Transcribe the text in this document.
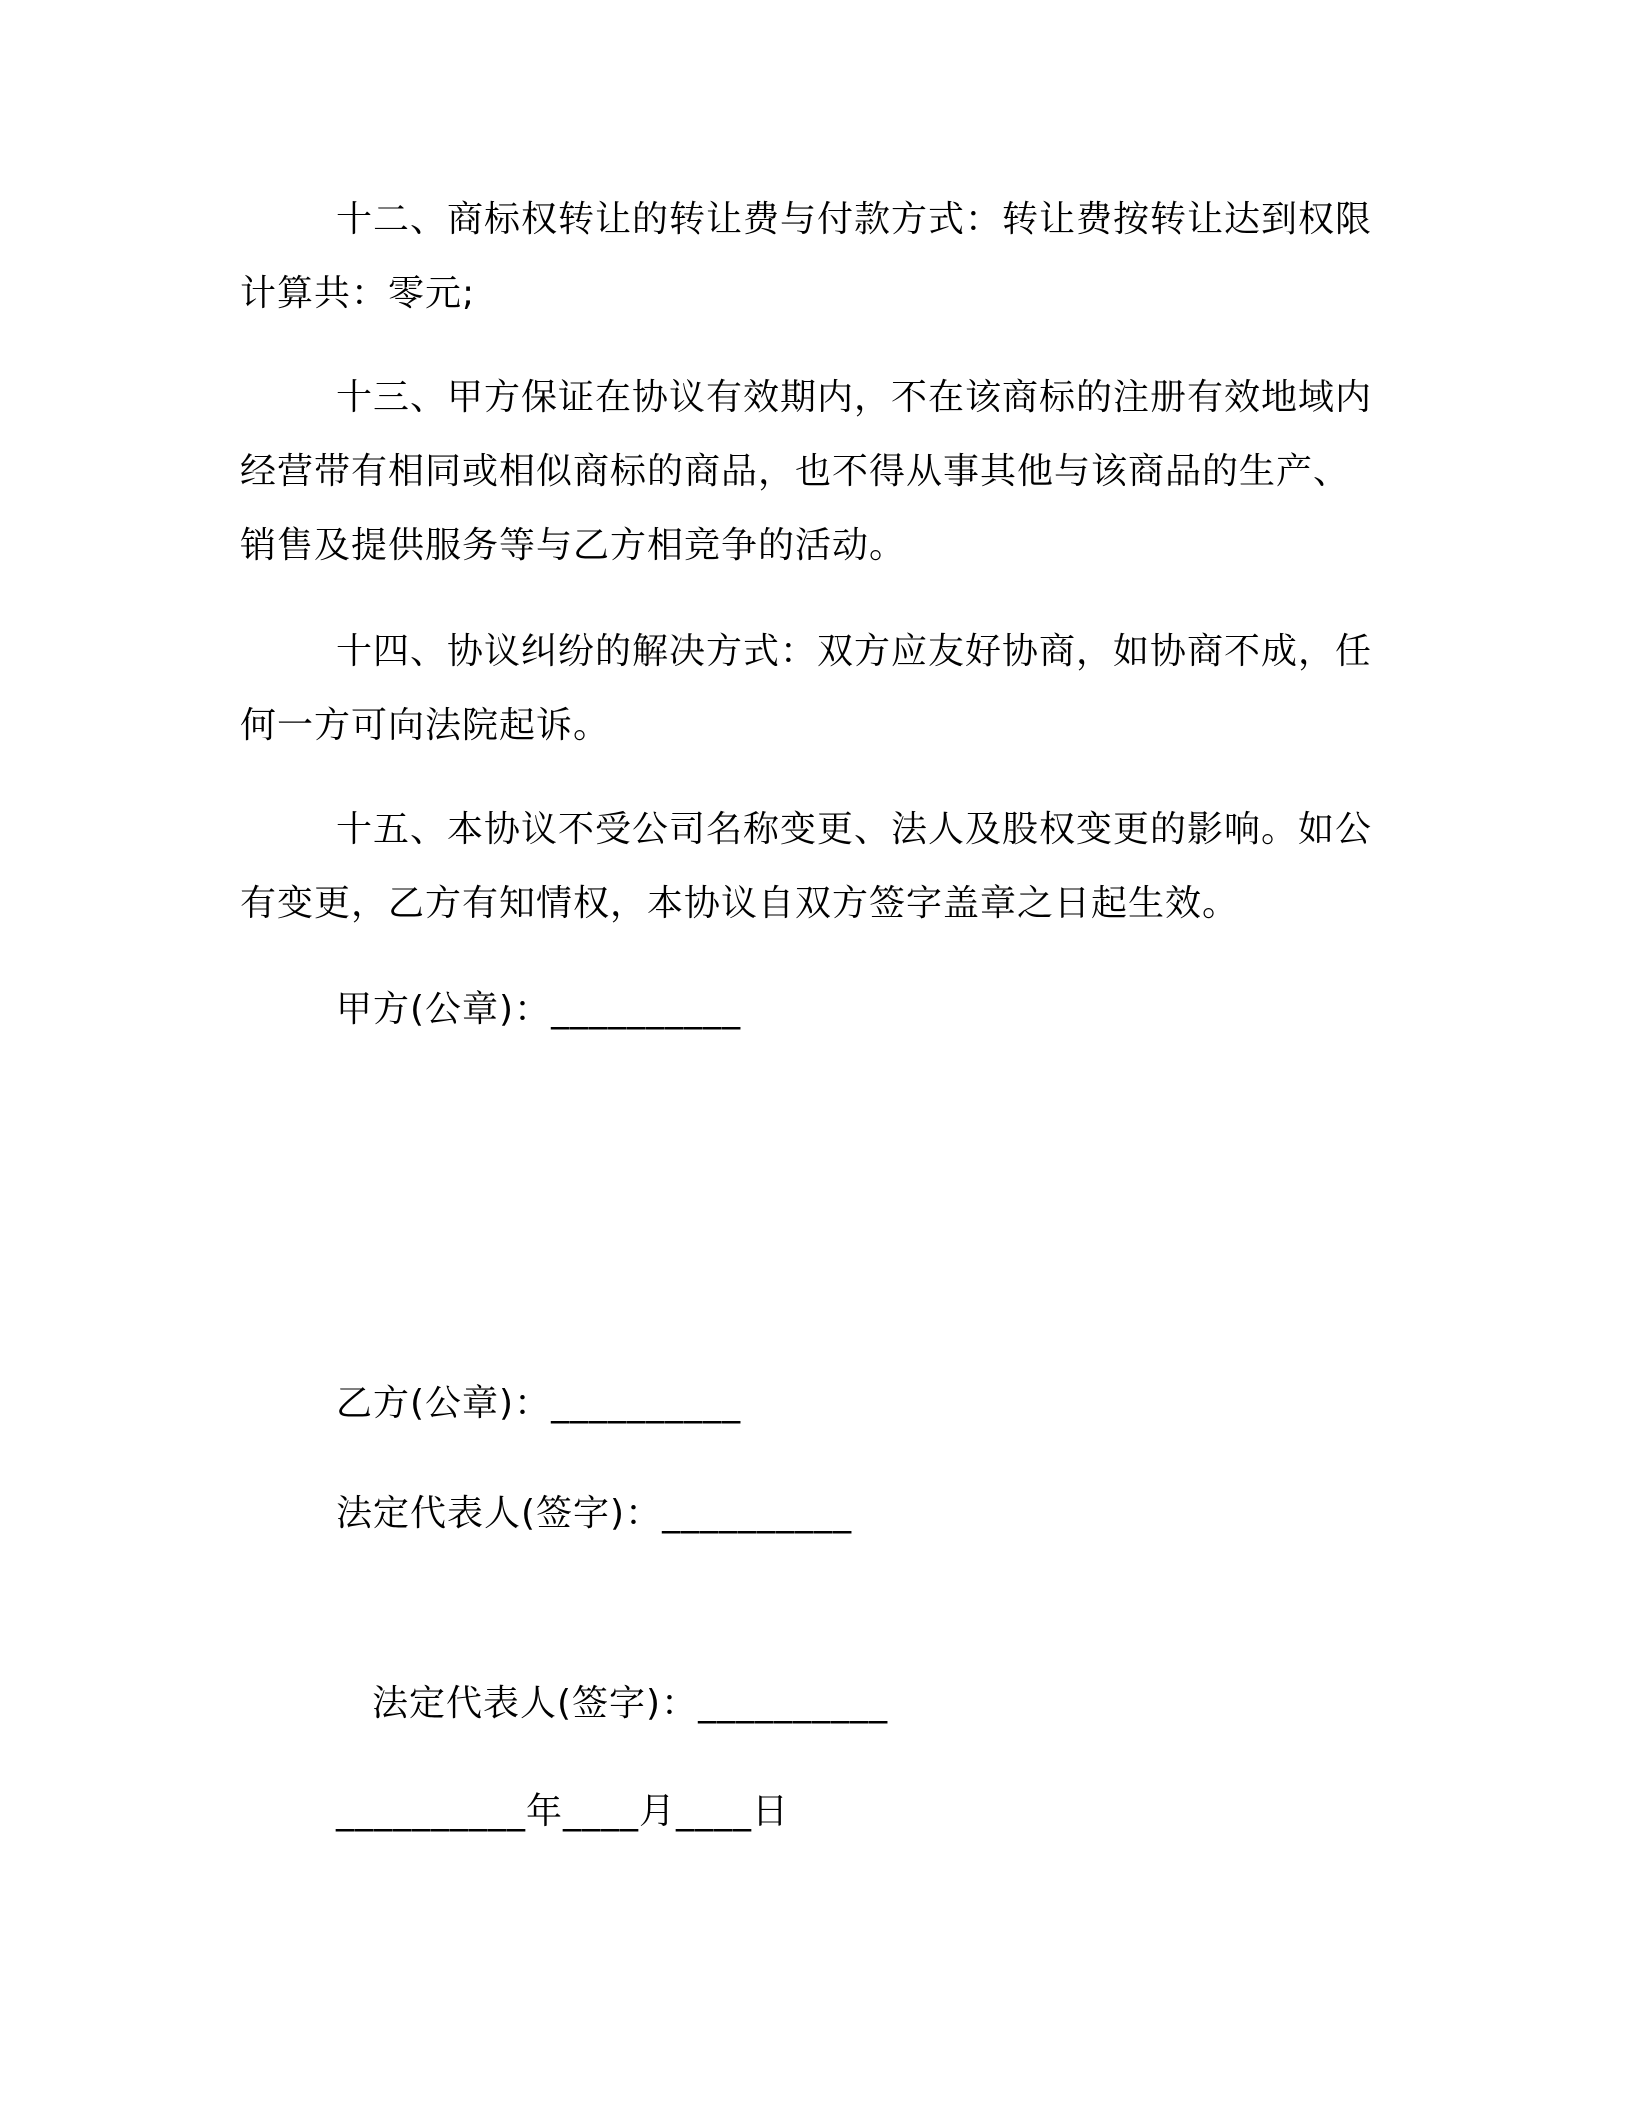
十二、商标权转让的转让费与付款方式：转让费按转让达到权限
计算共：零元;
十三、甲方保证在协议有效期内，不在该商标的注册有效地域内
经营带有相同或相似商标的商品，也不得从事其他与该商品的生产、
销售及提供服务等与乙方相竞争的活动。
十四、协议纠纷的解决方式：双方应友好协商，如协商不成，任
何一方可向法院起诉。
十五、本协议不受公司名称变更、法人及股权变更的影响。如公
有变更，乙方有知情权，本协议自双方签字盖章之日起生效。
甲方(公章)：__________
乙方(公章)：__________
法定代表人(签字)：__________
法定代表人(签字)：__________
__________年____月____日
